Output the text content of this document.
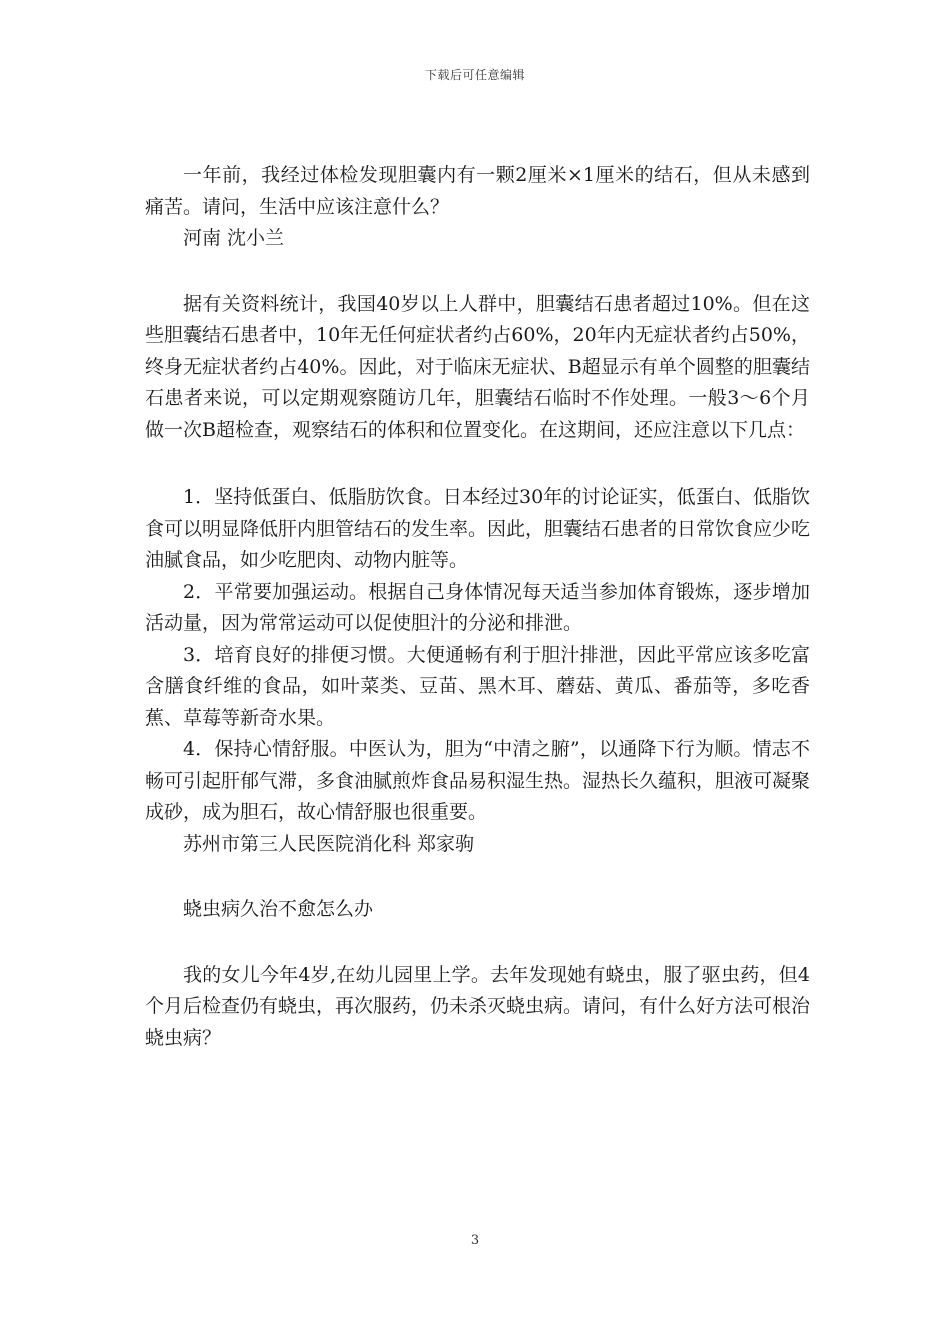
下载后可任意编辑

一年前，我经过体检发现胆囊内有一颗2厘米×1厘米的结石，但从未感到痛苦。请问，生活中应该注意什么？

河南 沈小兰

据有关资料统计，我国40岁以上人群中，胆囊结石患者超过10%。但在这些胆囊结石患者中，10年无任何症状者约占60%，20年内无症状者约占50%，终身无症状者约占40%。因此，对于临床无症状、B超显示有单个圆整的胆囊结石患者来说，可以定期观察随访几年，胆囊结石临时不作处理。一般3～6个月做一次B超检查，观察结石的体积和位置变化。在这期间，还应注意以下几点：

1．坚持低蛋白、低脂肪饮食。日本经过30年的讨论证实，低蛋白、低脂饮食可以明显降低肝内胆管结石的发生率。因此，胆囊结石患者的日常饮食应少吃油腻食品，如少吃肥肉、动物内脏等。

2．平常要加强运动。根据自己身体情况每天适当参加体育锻炼，逐步增加活动量，因为常常运动可以促使胆汁的分泌和排泄。

3．培育良好的排便习惯。大便通畅有利于胆汁排泄，因此平常应该多吃富含膳食纤维的食品，如叶菜类、豆苗、黑木耳、蘑菇、黄瓜、番茄等，多吃香蕉、草莓等新奇水果。

4．保持心情舒服。中医认为，胆为“中清之腑”，以通降下行为顺。情志不畅可引起肝郁气滞，多食油腻煎炸食品易积湿生热。湿热长久蕴积，胆液可凝聚成砂，成为胆石，故心情舒服也很重要。

苏州市第三人民医院消化科 郑家驹

蛲虫病久治不愈怎么办

我的女儿今年4岁,在幼儿园里上学。去年发现她有蛲虫，服了驱虫药，但4个月后检查仍有蛲虫，再次服药，仍未杀灭蛲虫病。请问，有什么好方法可根治蛲虫病？

3
